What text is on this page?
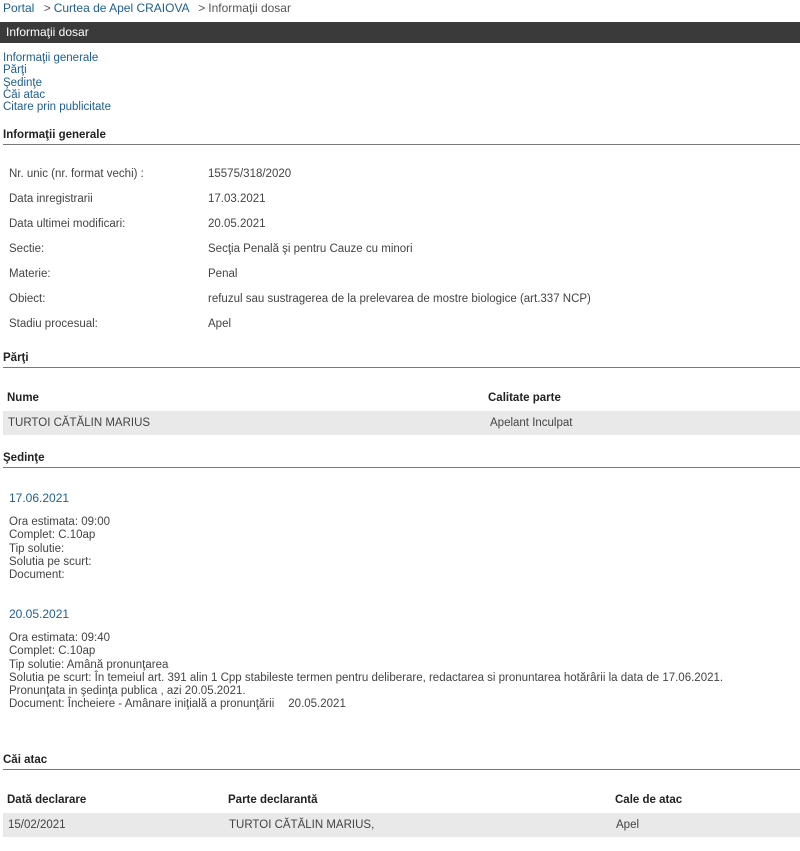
Portal > Curtea de Apel CRAIOVA > Informaţii dosar
Informaţii dosar
Informaţii generale
Părţi
Şedinţe
Căi atac
Citare prin publicitate
Informaţii generale
Nr. unic (nr. format vechi) :	15575/318/2020
Data inregistrarii	17.03.2021
Data ultimei modificari:	20.05.2021
Sectie:	Secţia Penală şi pentru Cauze cu minori
Materie:	Penal
Obiect:	refuzul sau sustragerea de la prelevarea de mostre biologice (art.337 NCP)
Stadiu procesual:	Apel
Părţi
Nume	Calitate parte
TURTOI CĂTĂLIN MARIUS	Apelant Inculpat
Şedinţe
17.06.2021
Ora estimata: 09:00
Complet: C.10ap
Tip solutie:
Solutia pe scurt:
Document:
20.05.2021
Ora estimata: 09:40
Complet: C.10ap
Tip solutie: Amână pronunţarea
Solutia pe scurt: În temeiul art. 391 alin 1 Cpp stabileste termen pentru deliberare, redactarea si pronuntarea hotărârii la data de 17.06.2021. Pronunţata in şedinţa publica , azi 20.05.2021.
Document: Încheiere - Amânare iniţială a pronunţării 20.05.2021
Căi atac
Dată declarare	Parte declarantă	Cale de atac
15/02/2021	TURTOI CĂTĂLIN MARIUS,	Apel
